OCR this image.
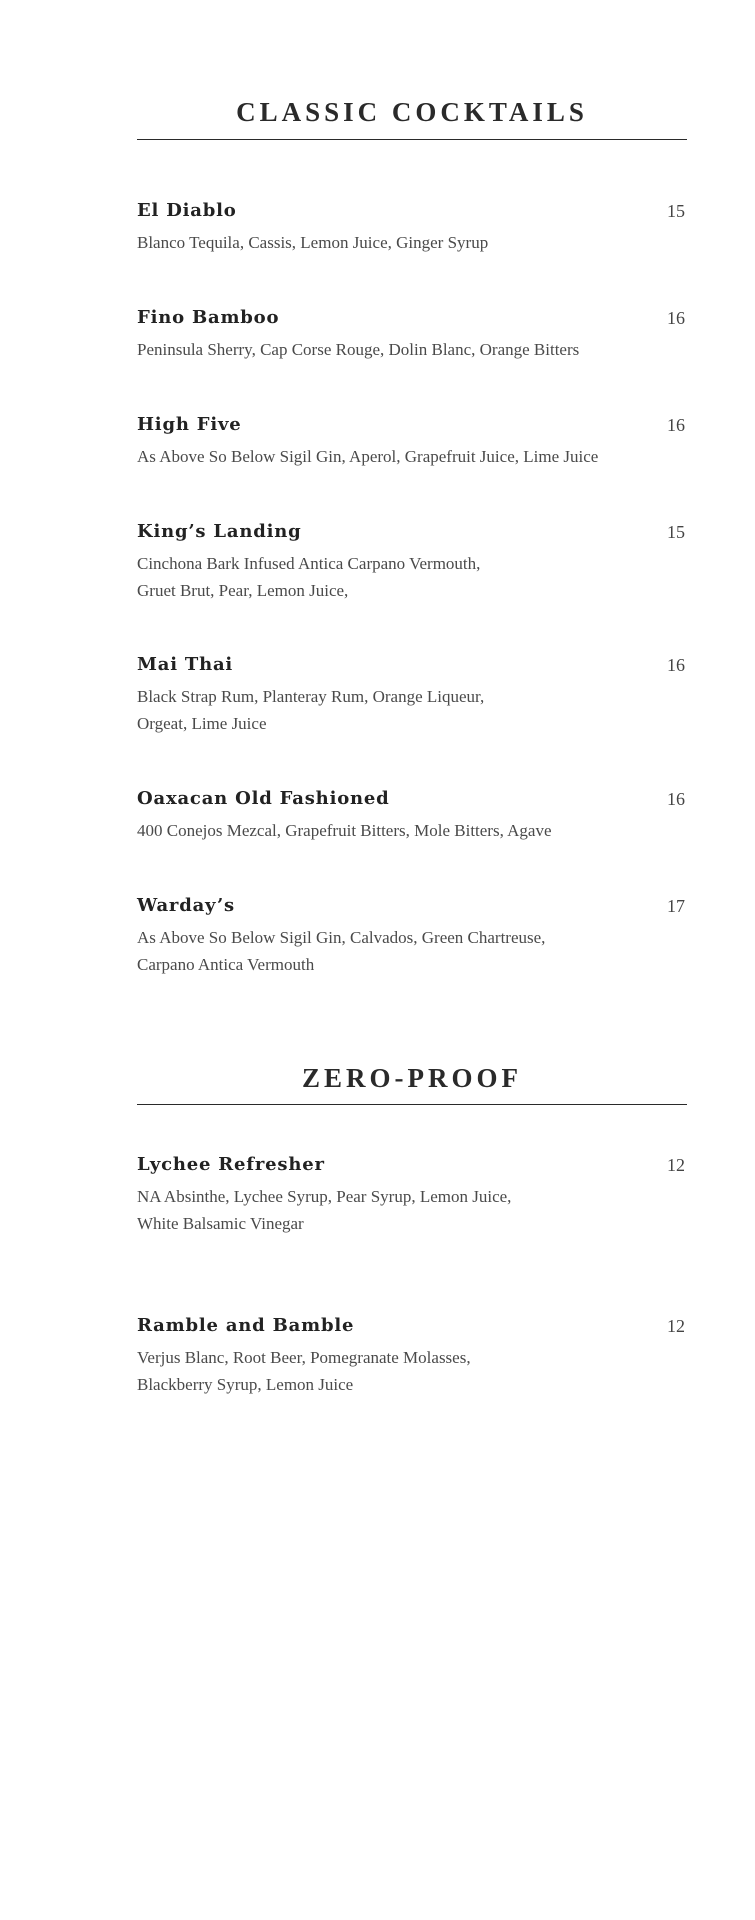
CLASSIC COCKTAILS
El Diablo	15
Blanco Tequila, Cassis, Lemon Juice, Ginger Syrup
Fino Bamboo	16
Peninsula Sherry, Cap Corse Rouge, Dolin Blanc, Orange Bitters
High Five	16
As Above So Below Sigil Gin, Aperol, Grapefruit Juice, Lime Juice
King’s Landing	15
Cinchona Bark Infused Antica Carpano Vermouth,
Gruet Brut, Pear, Lemon Juice,
Mai Thai	16
Black Strap Rum, Planteray Rum, Orange Liqueur,
Orgeat, Lime Juice
Oaxacan Old Fashioned	16
400 Conejos Mezcal, Grapefruit Bitters, Mole Bitters, Agave
Warday’s	17
As Above So Below Sigil Gin, Calvados, Green Chartreuse,
Carpano Antica Vermouth
ZERO-PROOF
Lychee Refresher	12
NA Absinthe, Lychee Syrup, Pear Syrup, Lemon Juice,
White Balsamic Vinegar
Ramble and Bamble	12
Verjus Blanc, Root Beer, Pomegranate Molasses,
Blackberry Syrup, Lemon Juice
